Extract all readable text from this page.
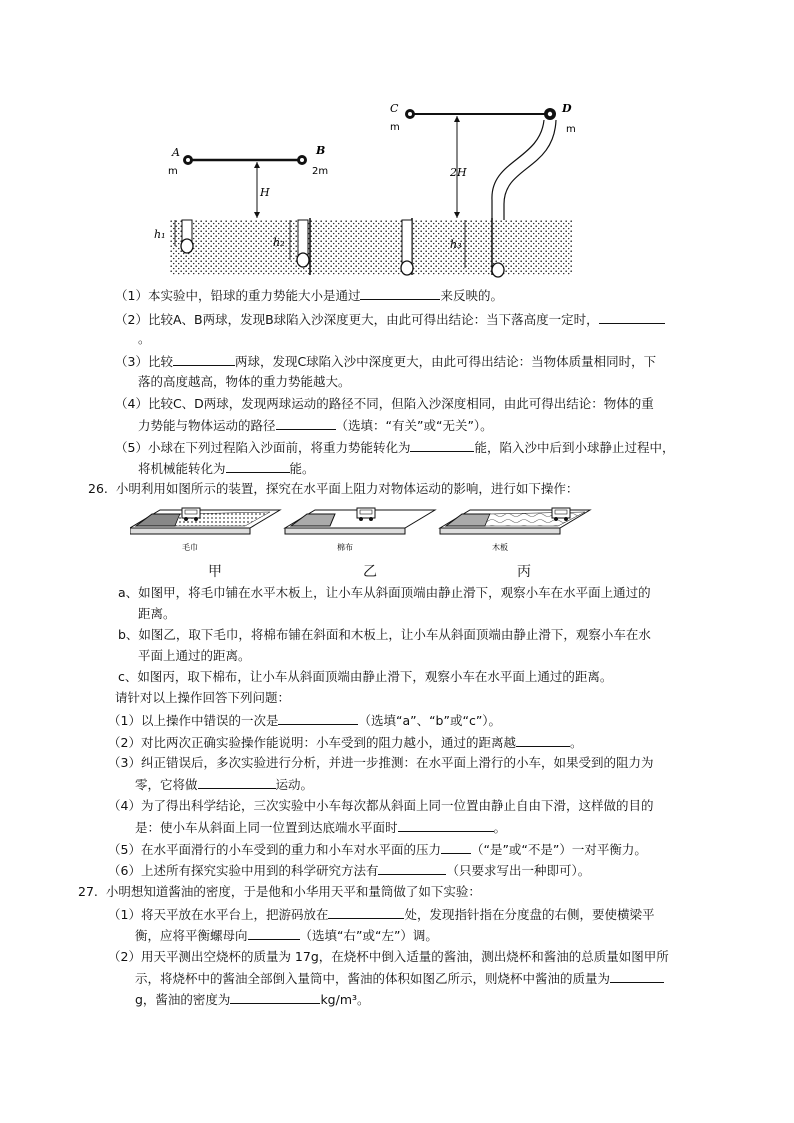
A
m
B
2m
H
C
m
D
m
2H
h₁
h₂	h₃
（1）本实验中，铅球的重力势能大小是通过	来反映的。
（2）比较A、B两球，发现B球陷入沙深度更大，由此可得出结论：当下落高度一定时，
。
（3）比较	两球，发现C球陷入沙中深度更大，由此可得出结论：当物体质量相同时，下
落的高度越高，物体的重力势能越大。
（4）比较C、D两球，发现两球运动的路径不同，但陷入沙深度相同，由此可得出结论：物体的重
力势能与物体运动的路径	（选填：“有关”或“无关”）。
（5）小球在下列过程陷入沙面前，将重力势能转化为	能，陷入沙中后到小球静止过程中，
将机械能转化为	能。
26. 小明利用如图所示的装置，探究在水平面上阻力对物体运动的影响，进行如下操作：
毛巾	棉布	木板
甲	乙	丙
a、如图甲，将毛巾铺在水平木板上，让小车从斜面顶端由静止滑下，观察小车在水平面上通过的
距离。
b、如图乙，取下毛巾，将棉布铺在斜面和木板上，让小车从斜面顶端由静止滑下，观察小车在水
平面上通过的距离。
c、如图丙，取下棉布，让小车从斜面顶端由静止滑下，观察小车在水平面上通过的距离。
请针对以上操作回答下列问题：
（1）以上操作中错误的一次是	（选填“a”、“b”或“c”）。
（2）对比两次正确实验操作能说明：小车受到的阻力越小，通过的距离越	。
（3）纠正错误后，多次实验进行分析，并进一步推测：在水平面上滑行的小车，如果受到的阻力为
零，它将做	运动。
（4）为了得出科学结论，三次实验中小车每次都从斜面上同一位置由静止自由下滑，这样做的目的
是：使小车从斜面上同一位置到达底端水平面时	。
（5）在水平面滑行的小车受到的重力和小车对水平面的压力 （“是”或“不是”）一对平衡力。
（6）上述所有探究实验中用到的科学研究方法有	（只要求写出一种即可）。
27. 小明想知道酱油的密度，于是他和小华用天平和量筒做了如下实验：
（1）将天平放在水平台上，把游码放在	处，发现指针指在分度盘的右侧，要使横梁平
衡，应将平衡螺母向	（选填“右”或“左”）调。
（2）用天平测出空烧杯的质量为 17g，在烧杯中倒入适量的酱油，测出烧杯和酱油的总质量如图甲所
示，将烧杯中的酱油全部倒入量筒中，酱油的体积如图乙所示，则烧杯中酱油的质量为
g，酱油的密度为	kg/m³。
